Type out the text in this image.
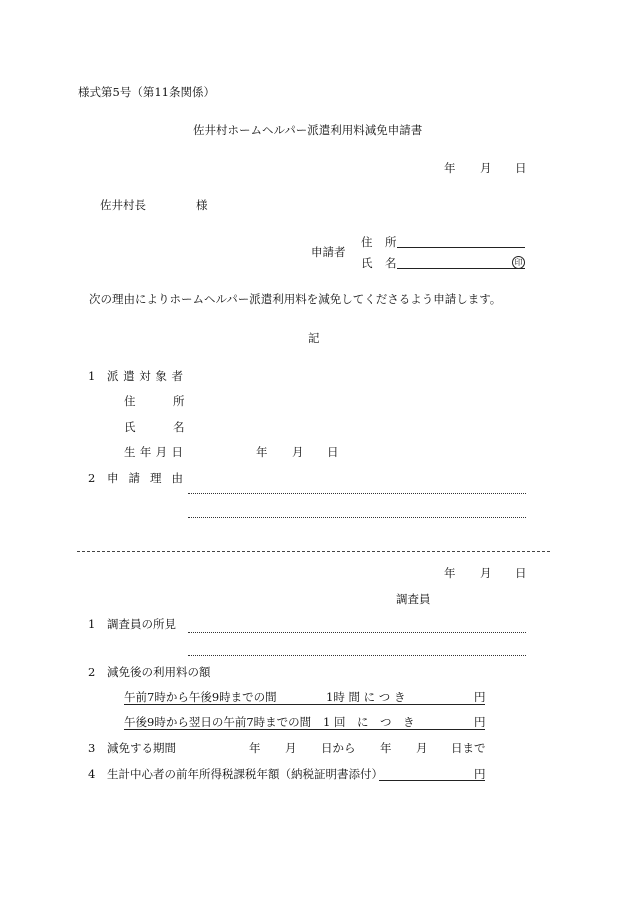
様式第5号（第11条関係）
佐井村ホームヘルパー派遣利用料減免申請書
年 月 日
佐井村長	様
申請者
住 所
氏 名	印
次の理由によりホームヘルパー派遣利用料を減免してくださるよう申請します。
記
1 派 遣 対 象 者
住	所
氏	名
生 年 月 日	年 月 日
2 申 請 理 由
年 月 日
調査員
1 調査員の所見
2 減免後の利用料の額
午前7時から午後9時までの間	1時 間 に つ き	円
午後9時から翌日の午前7時までの間 1 回　に　つ　き	円
3 減免する期間	年 月 日から 年 月 日まで
4 生計中心者の前年所得税課税年額（納税証明書添付）	円
